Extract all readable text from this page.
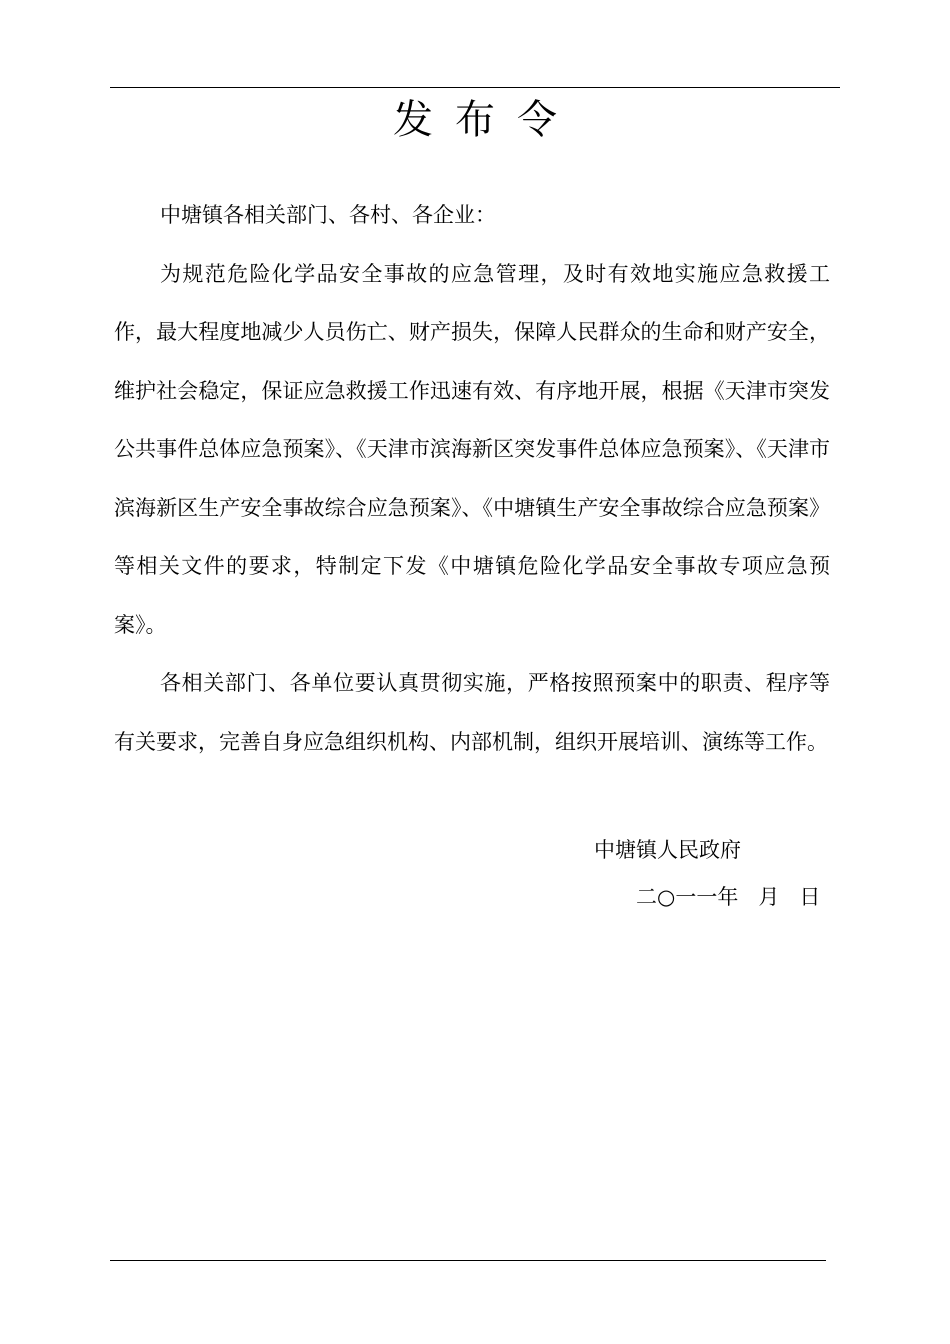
发布令

中塘镇各相关部门、各村、各企业：

为规范危险化学品安全事故的应急管理，及时有效地实施应急救援工作，最大程度地减少人员伤亡、财产损失，保障人民群众的生命和财产安全，维护社会稳定，保证应急救援工作迅速有效、有序地开展，根据《天津市突发公共事件总体应急预案》、《天津市滨海新区突发事件总体应急预案》、《天津市滨海新区生产安全事故综合应急预案》、《中塘镇生产安全事故综合应急预案》等相关文件的要求，特制定下发《中塘镇危险化学品安全事故专项应急预案》。

各相关部门、各单位要认真贯彻实施，严格按照预案中的职责、程序等有关要求，完善自身应急组织机构、内部机制，组织开展培训、演练等工作。

中塘镇人民政府
二○一一年   月   日
